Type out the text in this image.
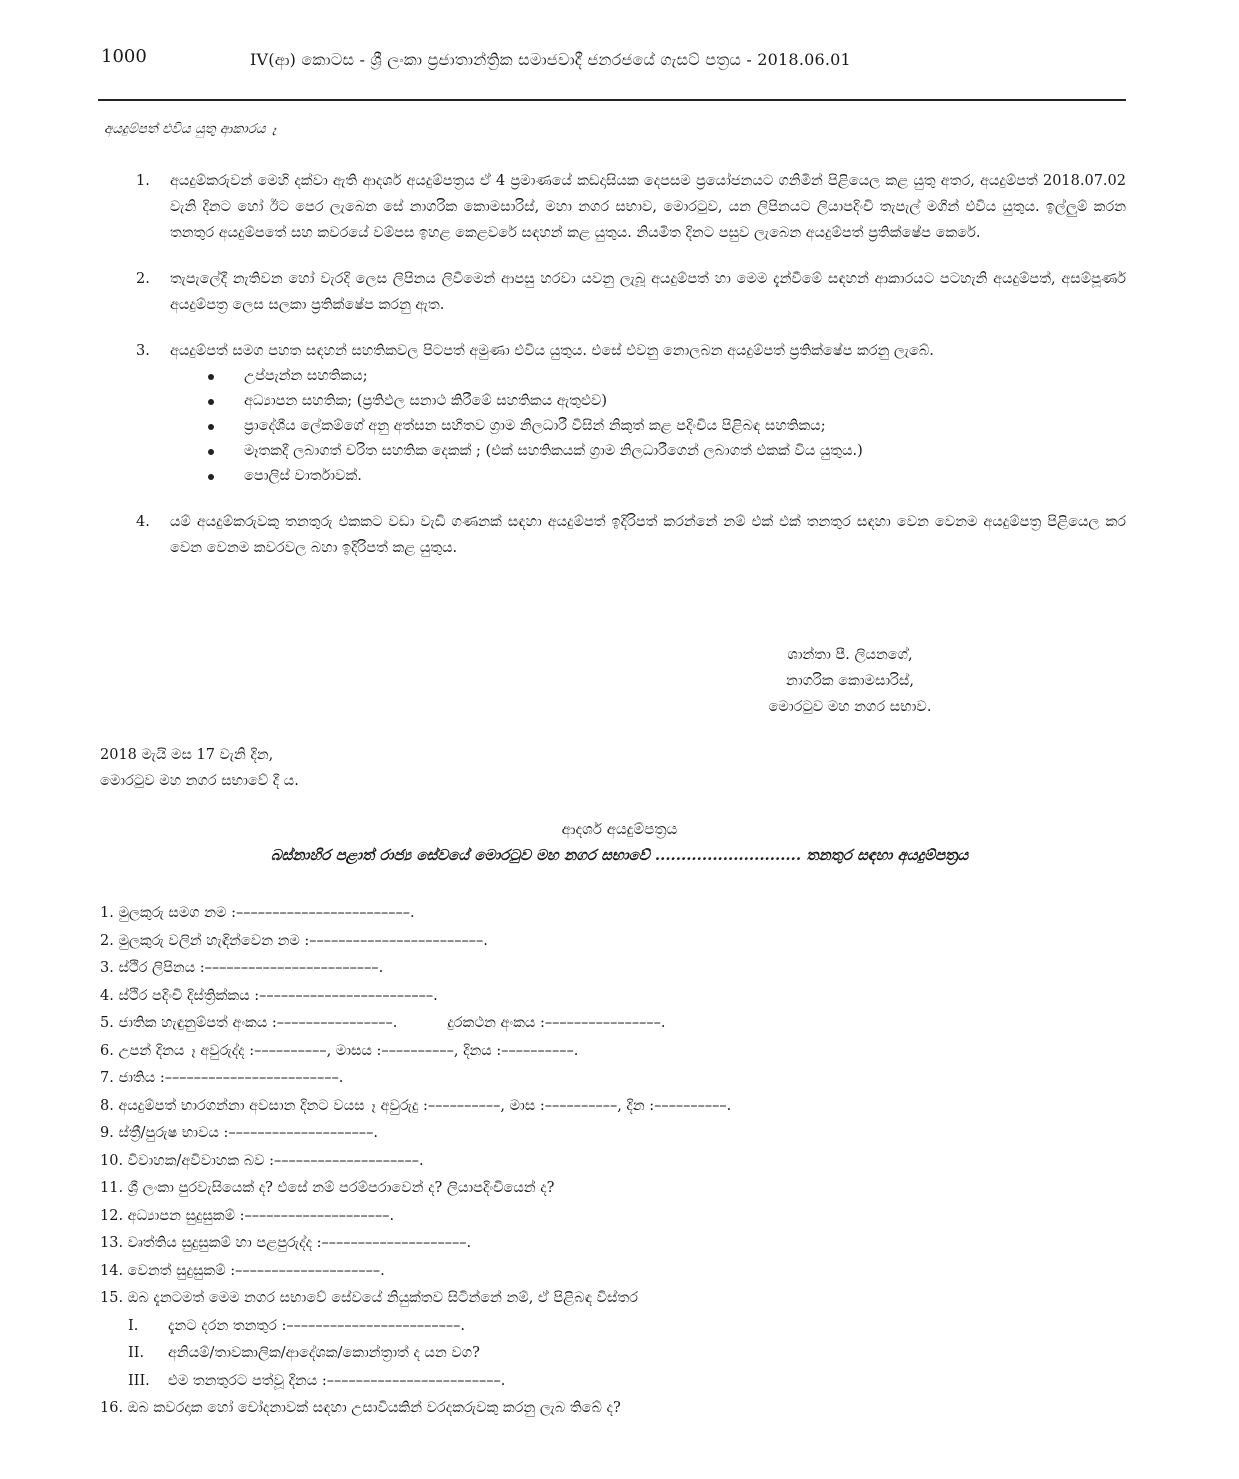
1000	IV(ආ) කොටස - ශ්‍රී ලංකා ප්‍රජාතාන්ත්‍රික සමාජවාදී ජනරජයේ ගැසට් පත්‍රය - 2018.06.01
අයදුම්පත් එවිය යුතු ආකාරය ෑ
1.	අයදුම්කරුවන් මෙහි දක්වා ඇති ආදර්ශ අයදුම්පත්‍රය ඒ 4 ප්‍රමාණයේ කඩදාසියක දෙපසම ප්‍රයෝජනයට ගනිමින් පිළියෙල කළ යුතු අතර, අයදුම්පත් 2018.07.02 වැනි දිනට හෝ ඊට පෙර ලැබෙන සේ නාගරික කොමසාරිස්, මහා නගර සභාව, මොරටුව, යන ලිපිනයට ලියාපදිංචි තැපැල් මගින් එවිය යුතුය. ඉල්ලුම් කරන තනතුර අයදුම්පතේ සහ කවරයේ වම්පස ඉහළ කෙළවරේ සඳහන් කළ යුතුය. නියමිත දිනට පසුව ලැබෙන අයදුම්පත් ප්‍රතික්ෂේප කෙරේ.
2.	තැපැලේදී නැතිවන හෝ වැරදි ලෙස ලිපිනය ලිවීමෙන් ආපසු හරවා යවනු ලැබූ අයදුම්පත් හා මෙම දැන්වීමේ සඳහන් ආකාරයට පටහැනි අයදුම්පත්, අසම්පූර්ණ අයදුම්පත්‍ර ලෙස සලකා ප්‍රතික්ෂේප කරනු ඇත.
3.	අයදුම්පත් සමග පහත සඳහන් සහතිකවල පිටපත් අමුණා එවිය යුතුය. එසේ එවනු නොලබන අයදුම්පත් ප්‍රතික්ෂේප කරනු ලැබේ.
උප්පැන්න සහතිකය;
අධ්‍යාපන සහතික; (ප්‍රතිඵල සනාථ කිරීමේ සහතිකය ඇතුළුව)
ප්‍රාදේශීය ලේකම්ගේ අනු අත්සන සහිතව ග්‍රාම නිලධාරී විසින් නිකුත් කළ පදිංචිය පිළිබඳ සහතිකය;
මෑතකදී ලබාගත් චරිත සහතික දෙකක් ; (එක් සහතිකයක් ග්‍රාම නිලධාරීගෙන් ලබාගත් එකක් විය යුතුය.)
පොලිස් වාර්තාවක්.
4.	යම් අයදුම්කරුවකු තනතුරු එකකට වඩා වැඩි ගණනක් සඳහා අයදුම්පත් ඉදිරිපත් කරන්නේ නම් එක් එක් තනතුර සඳහා වෙන වෙනම අයදුම්පත්‍ර පිළියෙල කර වෙන වෙනම කවරවල බහා ඉදිරිපත් කළ යුතුය.
ශාන්තා පී. ලියනගේ,
නාගරික කොමසාරිස්,
මොරටුව මහ නගර සභාව.
2018 මැයි මස 17 වැනි දින,
මොරටුව මහ නගර සභාවේ දී ය.
ආදර්ශ අයදුම්පත්‍රය
බස්නාහිර පළාත් රාජ්‍ය සේවයේ මොරටුව මහ නගර සභාවේ ............................ තනතුර සඳහා අයදුම්පත්‍රය
1. මුලකුරු සමග නම :––––––––––––––––––––––––.
2. මුලකුරු වලින් හැඳින්වෙන නම :––––––––––––––––––––––––.
3. ස්ථිර ලිපිනය :––––––––––––––––––––––––.
4. ස්ථිර පදිංචි දිස්ත්‍රික්කය :––––––––––––––––––––––––.
5. ජාතික හැඳුනුම්පත් අංකය :––––––––––––––––.	දුරකථන අංකය :––––––––––––––––.
6. උපන් දිනය ෑ අවුරුද්ද :––––––––––, මාසය :––––––––––, දිනය :––––––––––.
7. ජාතිය :––––––––––––––––––––––––.
8. අයදුම්පත් භාරගන්නා අවසාන දිනට වයස ෑ අවුරුදු :––––––––––, මාස :––––––––––, දින :––––––––––.
9. ස්ත්‍රී/පුරුෂ භාවය :––––––––––––––––––––.
10. විවාහක/අවිවාහක බව :––––––––––––––––––––.
11. ශ්‍රී ලංකා පුරවැසියෙක් ද? එසේ නම් පරම්පරාවෙන් ද? ලියාපදිංචියෙන් ද?
12. අධ්‍යාපන සුදුසුකම් :––––––––––––––––––––.
13. වෘත්තිය සුදුසුකම් හා පළපුරුද්ද :––––––––––––––––––––.
14. වෙනත් සුදුසුකම් :––––––––––––––––––––.
15. ඔබ දැනටමත් මෙම නගර සභාවේ සේවයේ නියුක්තව සිටින්නේ නම්, ඒ පිළිබඳ විස්තර
I. දැනට දරන තනතුර :––––––––––––––––––––––––.
II. අනියම්/තාවකාලික/ආදේශක/කොන්ත්‍රාත් ද යන වග?
III. එම තනතුරට පත්වූ දිනය :––––––––––––––––––––––––.
16. ඔබ කවරදාක හෝ චෝදනාවක් සඳහා උසාවියකින් වරදකරුවකු කරනු ලැබ තිබේ ද?
